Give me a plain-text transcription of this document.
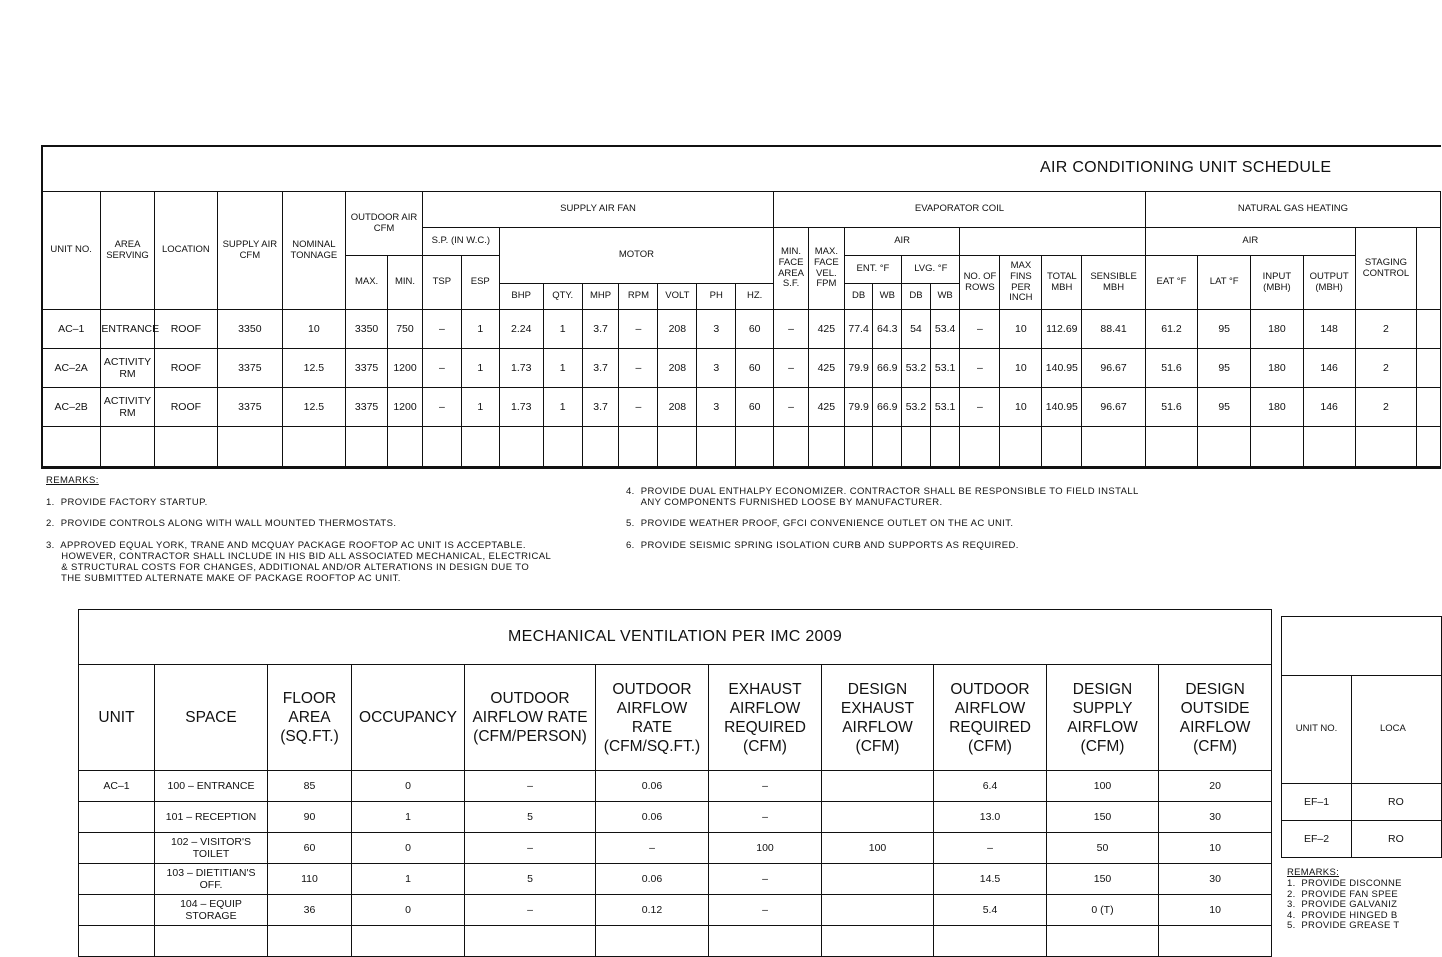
AIR CONDITIONING UNIT SCHEDULE
UNIT NO.	AREA SERVING	LOCATION	SUPPLY AIR CFM	NOMINAL TONNAGE	OUTDOOR AIR CFM		SUPPLY AIR FAN									EVAPORATOR COIL										NATURAL GAS HEATING					
							S.P. (IN W.C.)		MOTOR							MIN. FACE AREA S.F.	MAX. FACE VEL. FPM	AIR								AIR				STAGING CONTROL	
					MAX.	MIN.	TSP	ESP										ENT. °F		LVG. °F		NO. OF ROWS	MAX FINS PER INCH	TOTAL MBH	SENSIBLE MBH	EAT °F	LAT °F	INPUT (MBH)	OUTPUT (MBH)		
									BHP	QTY.	MHP	RPM	VOLT	PH	HZ.			DB	WB	DB	WB										
AC–1	ENTRANCE	ROOF	3350	10	3350	750	–	1	2.24	1	3.7	–	208	3	60	–	425	77.4	64.3	54	53.4	–	10	112.69	88.41	61.2	95	180	148	2	
AC–2A	ACTIVITY RM	ROOF	3375	12.5	3375	1200	–	1	1.73	1	3.7	–	208	3	60	–	425	79.9	66.9	53.2	53.1	–	10	140.95	96.67	51.6	95	180	146	2	
AC–2B	ACTIVITY RM	ROOF	3375	12.5	3375	1200	–	1	1.73	1	3.7	–	208	3	60	–	425	79.9	66.9	53.2	53.1	–	10	140.95	96.67	51.6	95	180	146	2	

REMARKS:
1.  PROVIDE FACTORY STARTUP.
2.  PROVIDE CONTROLS ALONG WITH WALL MOUNTED THERMOSTATS.
3.  APPROVED EQUAL YORK, TRANE AND MCQUAY PACKAGE ROOFTOP AC UNIT IS ACCEPTABLE.
HOWEVER, CONTRACTOR SHALL INCLUDE IN HIS BID ALL ASSOCIATED MECHANICAL, ELECTRICAL
& STRUCTURAL COSTS FOR CHANGES, ADDITIONAL AND/OR ALTERATIONS IN DESIGN DUE TO
THE SUBMITTED ALTERNATE MAKE OF PACKAGE ROOFTOP AC UNIT.
4.  PROVIDE DUAL ENTHALPY ECONOMIZER. CONTRACTOR SHALL BE RESPONSIBLE TO FIELD INSTALL
ANY COMPONENTS FURNISHED LOOSE BY MANUFACTURER.
5.  PROVIDE WEATHER PROOF, GFCI CONVENIENCE OUTLET ON THE AC UNIT.
6.  PROVIDE SEISMIC SPRING ISOLATION CURB AND SUPPORTS AS REQUIRED.
MECHANICAL VENTILATION PER IMC 2009										
UNIT	SPACE	FLOOR AREA (SQ.FT.)	OCCUPANCY	OUTDOOR AIRFLOW RATE (CFM/PERSON)	OUTDOOR AIRFLOW RATE (CFM/SQ.FT.)	EXHAUST AIRFLOW REQUIRED (CFM)	DESIGN EXHAUST AIRFLOW (CFM)	OUTDOOR AIRFLOW REQUIRED (CFM)	DESIGN SUPPLY AIRFLOW (CFM)	DESIGN OUTSIDE AIRFLOW (CFM)
AC–1	100 – ENTRANCE	85	0	–	0.06	–		6.4	100	20
	101 – RECEPTION	90	1	5	0.06	–		13.0	150	30
	102 – VISITOR'S TOILET	60	0	–	–	100	100	–	50	10
	103 – DIETITIAN'S OFF.	110	1	5	0.06	–		14.5	150	30
	104 – EQUIP STORAGE	36	0	–	0.12	–		5.4	0 (T)	10

UNIT NO.	LOCA
EF–1	RO
EF–2	RO
REMARKS:
1.  PROVIDE DISCONNE
2.  PROVIDE FAN SPEE
3.  PROVIDE GALVANIZ
4.  PROVIDE HINGED B
5.  PROVIDE GREASE T
